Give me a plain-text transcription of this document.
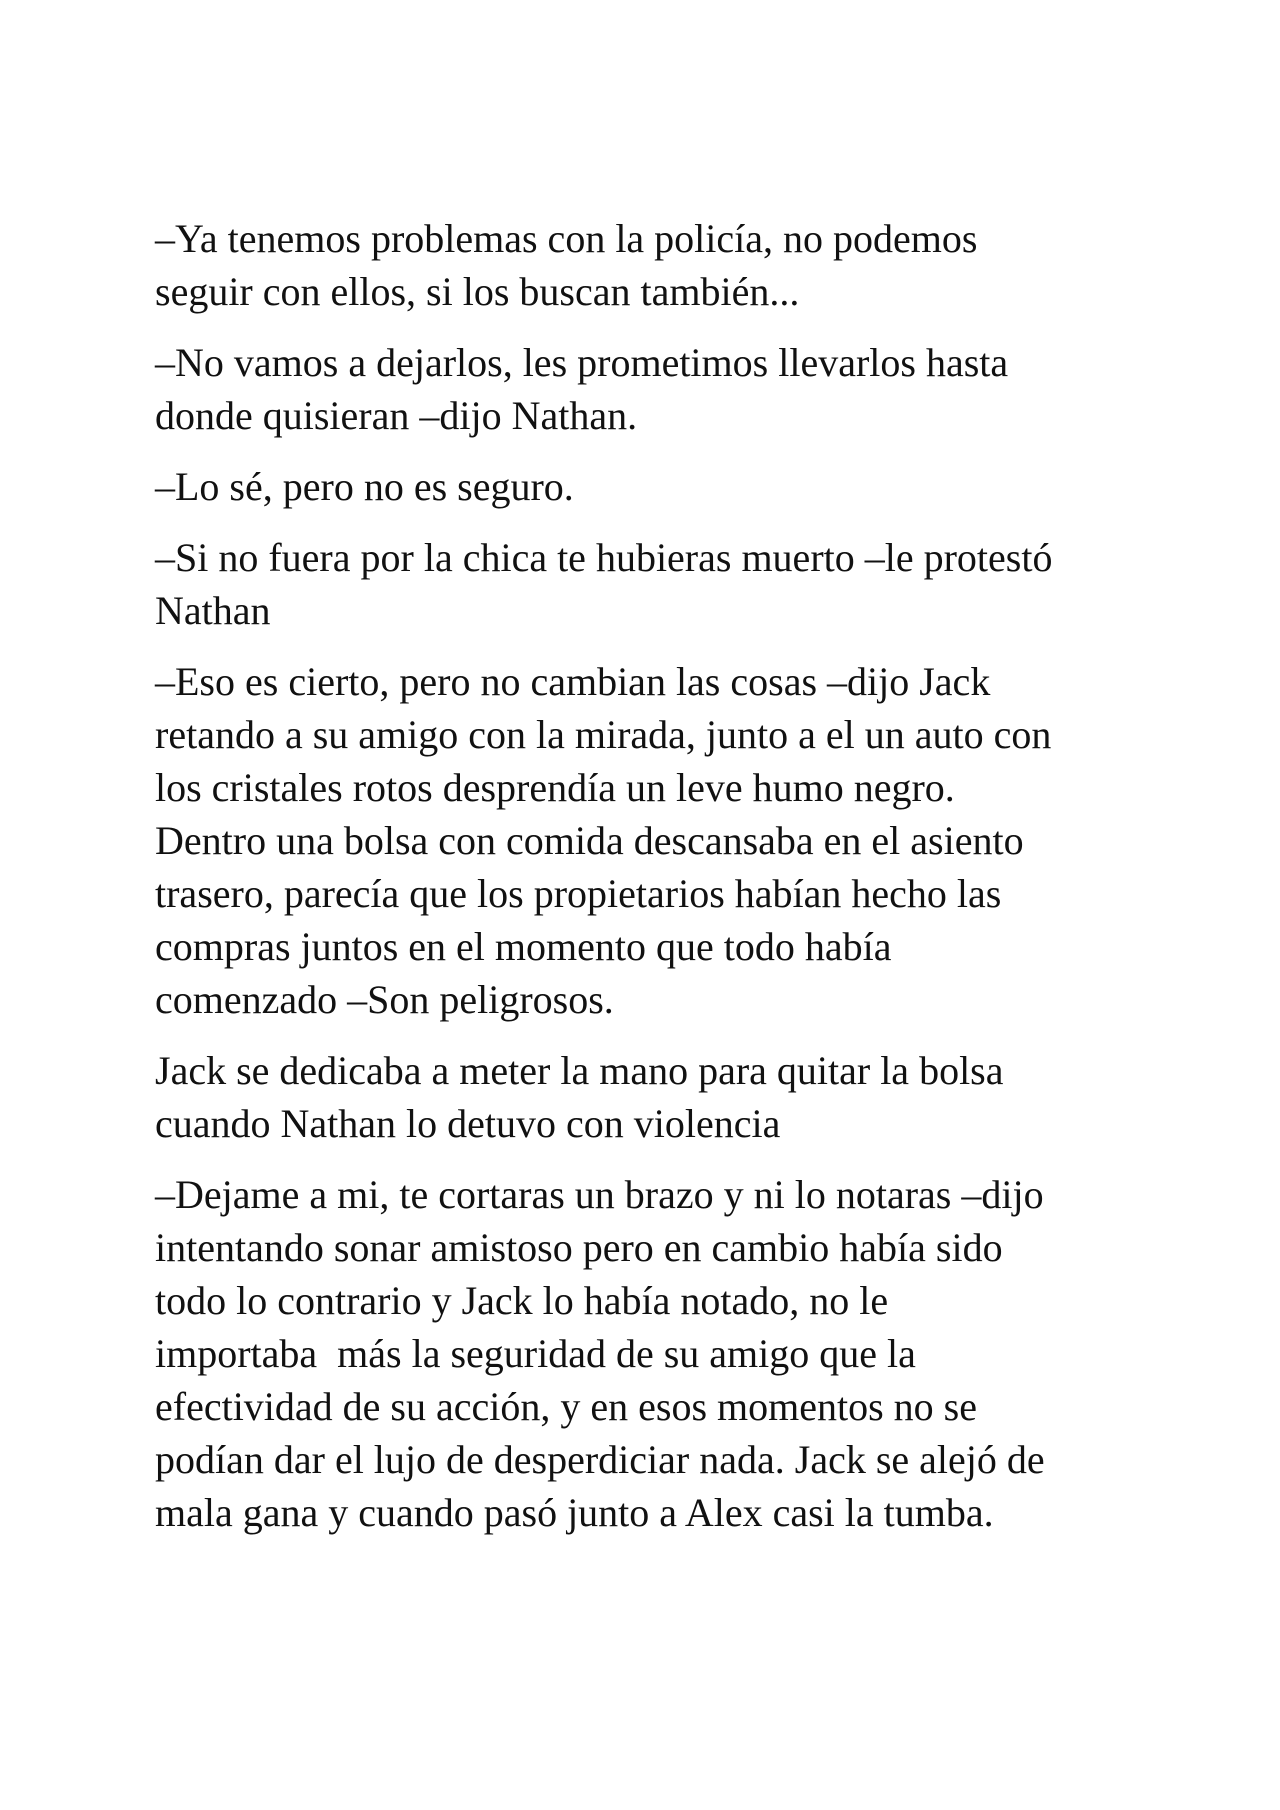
–Ya tenemos problemas con la policía, no podemos
seguir con ellos, si los buscan también...

–No vamos a dejarlos, les prometimos llevarlos hasta
donde quisieran –dijo Nathan.

–Lo sé, pero no es seguro.

–Si no fuera por la chica te hubieras muerto –le protestó
Nathan

–Eso es cierto, pero no cambian las cosas –dijo Jack
retando a su amigo con la mirada, junto a el un auto con
los cristales rotos desprendía un leve humo negro.
Dentro una bolsa con comida descansaba en el asiento
trasero, parecía que los propietarios habían hecho las
compras juntos en el momento que todo había
comenzado –Son peligrosos.

Jack se dedicaba a meter la mano para quitar la bolsa
cuando Nathan lo detuvo con violencia

–Dejame a mi, te cortaras un brazo y ni lo notaras –dijo
intentando sonar amistoso pero en cambio había sido
todo lo contrario y Jack lo había notado, no le
importaba  más la seguridad de su amigo que la
efectividad de su acción, y en esos momentos no se
podían dar el lujo de desperdiciar nada. Jack se alejó de
mala gana y cuando pasó junto a Alex casi la tumba.
